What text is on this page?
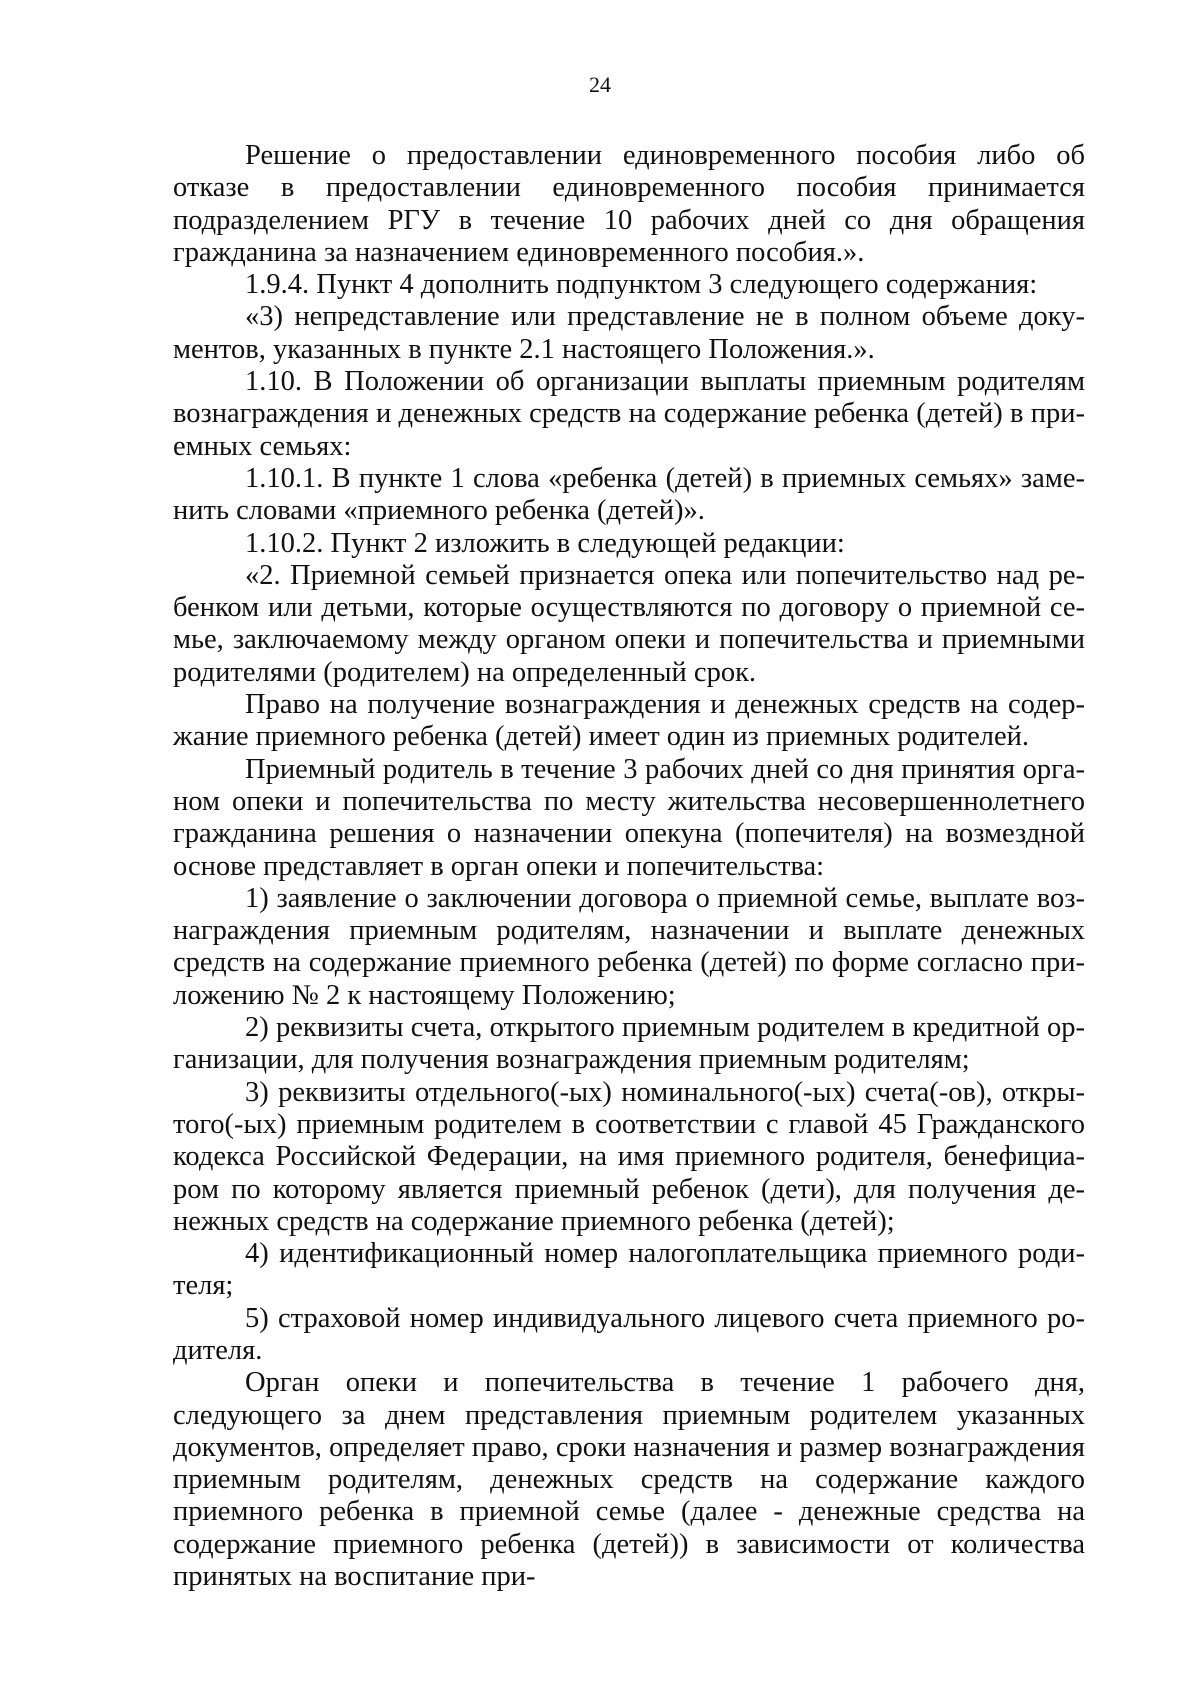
24

Решение о предоставлении единовременного пособия либо об отказе в предоставлении единовременного пособия принимается подразделением РГУ в течение 10 рабочих дней со дня обращения гражданина за назначением единовременного пособия.».

1.9.4. Пункт 4 дополнить подпунктом 3 следующего содержания:

«3) непредставление или представление не в полном объеме документов, указанных в пункте 2.1 настоящего Положения.».

1.10. В Положении об организации выплаты приемным родителям вознаграждения и денежных средств на содержание ребенка (детей) в приемных семьях:

1.10.1. В пункте 1 слова «ребенка (детей) в приемных семьях» заменить словами «приемного ребенка (детей)».

1.10.2. Пункт 2 изложить в следующей редакции:

«2. Приемной семьей признается опека или попечительство над ребенком или детьми, которые осуществляются по договору о приемной семье, заключаемому между органом опеки и попечительства и приемными родителями (родителем) на определенный срок.

Право на получение вознаграждения и денежных средств на содержание приемного ребенка (детей) имеет один из приемных родителей.

Приемный родитель в течение 3 рабочих дней со дня принятия органом опеки и попечительства по месту жительства несовершеннолетнего гражданина решения о назначении опекуна (попечителя) на возмездной основе представляет в орган опеки и попечительства:

1) заявление о заключении договора о приемной семье, выплате вознаграждения приемным родителям, назначении и выплате денежных средств на содержание приемного ребенка (детей) по форме согласно приложению № 2 к настоящему Положению;

2) реквизиты счета, открытого приемным родителем в кредитной организации, для получения вознаграждения приемным родителям;

3) реквизиты отдельного(-ых) номинального(-ых) счета(-ов), открытого(-ых) приемным родителем в соответствии с главой 45 Гражданского кодекса Российской Федерации, на имя приемного родителя, бенефициаром по которому является приемный ребенок (дети), для получения денежных средств на содержание приемного ребенка (детей);

4) идентификационный номер налогоплательщика приемного родителя;

5) страховой номер индивидуального лицевого счета приемного родителя.

Орган опеки и попечительства в течение 1 рабочего дня, следующего за днем представления приемным родителем указанных документов, определяет право, сроки назначения и размер вознаграждения приемным родителям, денежных средств на содержание каждого приемного ребенка в приемной семье (далее - денежные средства на содержание приемного ребенка (детей)) в зависимости от количества принятых на воспитание при-
